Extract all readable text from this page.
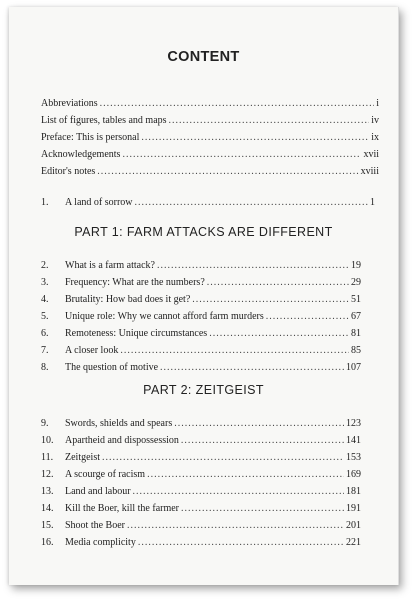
CONTENT
Abbreviations .....	i
List of figures, tables and maps .....	iv
Preface: This is personal .....	ix
Acknowledgements .....	xvii
Editor's notes .....	xviii
1.	A land of sorrow .....	1
PART 1: FARM ATTACKS ARE DIFFERENT
2.	What is a farm attack? .....	19
3.	Frequency: What are the numbers? .....	29
4.	Brutality: How bad does it get? .....	51
5.	Unique role: Why we cannot afford farm murders .....	67
6.	Remoteness: Unique circumstances .....	81
7.	A closer look .....	85
8.	The question of motive .....	107
PART 2: ZEITGEIST
9.	Swords, shields and spears .....	123
10.	Apartheid and dispossession .....	141
11.	Zeitgeist .....	153
12.	A scourge of racism .....	169
13.	Land and labour .....	181
14.	Kill the Boer, kill the farmer .....	191
15.	Shoot the Boer .....	201
16.	Media complicity .....	221
